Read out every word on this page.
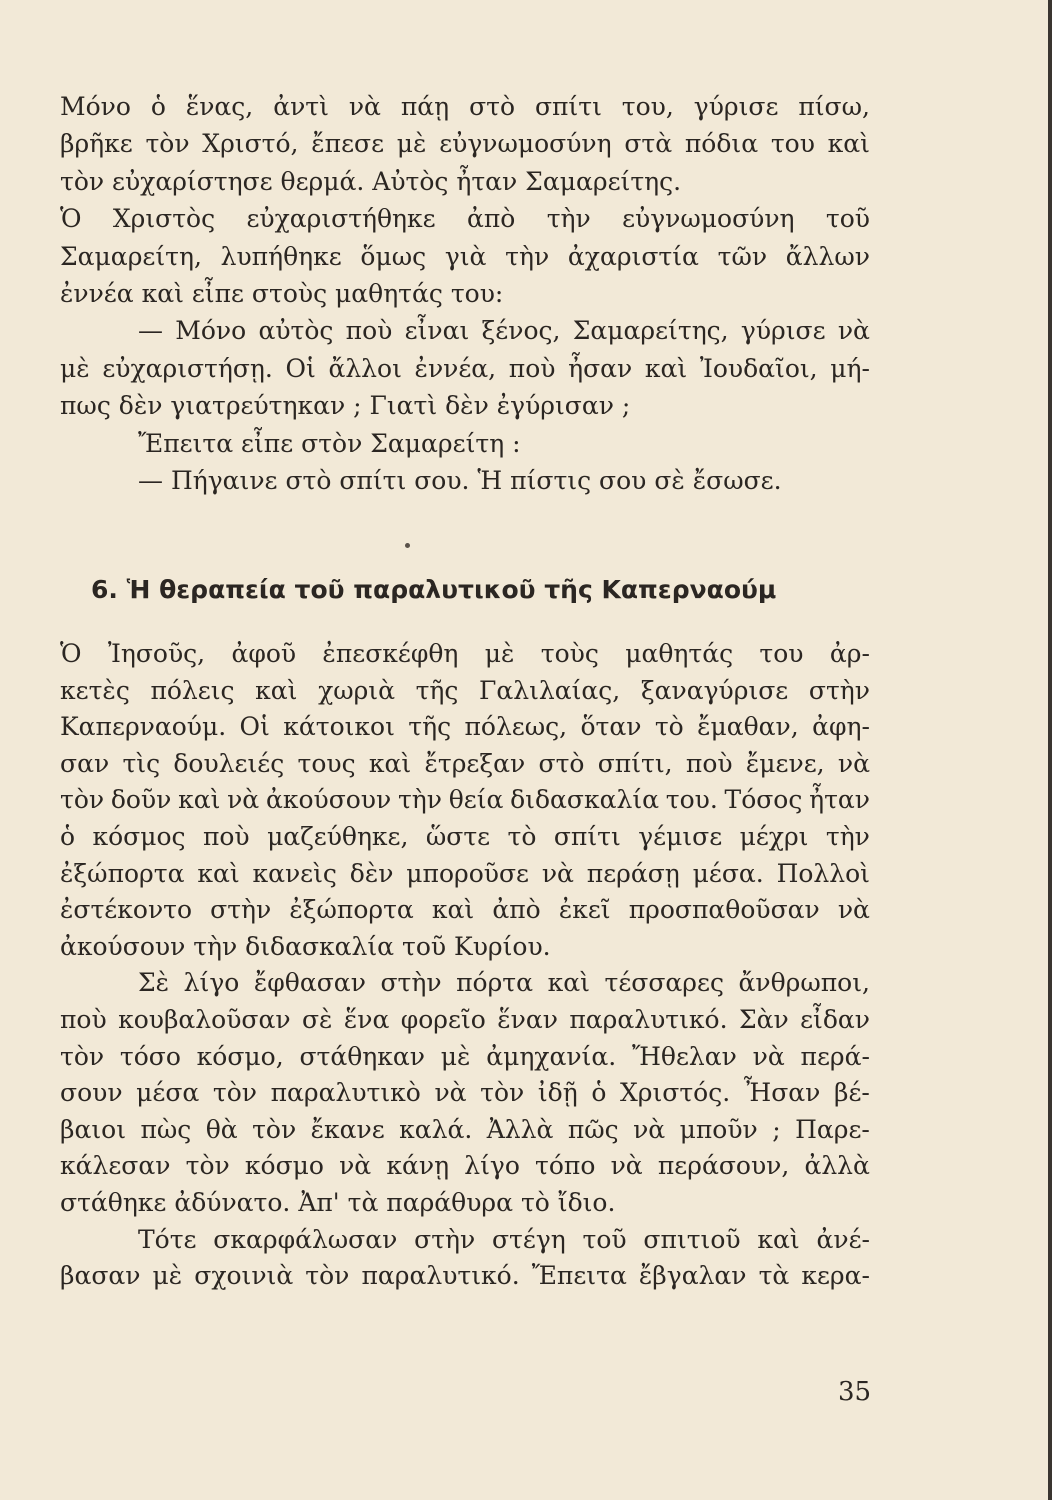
Μόνο ὁ ἕνας, ἀντὶ νὰ πάῃ στὸ σπίτι του, γύρισε πίσω,
βρῆκε τὸν Χριστό, ἔπεσε μὲ εὐγνωμοσύνη στὰ πόδια του καὶ
τὸν εὐχαρίστησε θερμά. Αὐτὸς ἦταν Σαμαρείτης.
Ὁ Χριστὸς εὐχαριστήθηκε ἀπὸ τὴν εὐγνωμοσύνη τοῦ
Σαμαρείτη, λυπήθηκε ὅμως γιὰ τὴν ἀχαριστία τῶν ἄλλων
ἐννέα καὶ εἶπε στοὺς μαθητάς του:
— Μόνο αὐτὸς ποὺ εἶναι ξένος, Σαμαρείτης, γύρισε νὰ
μὲ εὐχαριστήσῃ. Οἱ ἄλλοι ἐννέα, ποὺ ἦσαν καὶ Ἰουδαῖοι, μή-
πως δὲν γιατρεύτηκαν ; Γιατὶ δὲν ἐγύρισαν ;
Ἔπειτα εἶπε στὸν Σαμαρείτη :
— Πήγαινε στὸ σπίτι σου. Ἡ πίστις σου σὲ ἔσωσε.
6. Ἡ θεραπεία τοῦ παραλυτικοῦ τῆς Καπερναούμ
Ὁ Ἰησοῦς, ἀφοῦ ἐπεσκέφθη μὲ τοὺς μαθητάς του ἀρ-
κετὲς πόλεις καὶ χωριὰ τῆς Γαλιλαίας, ξαναγύρισε στὴν
Καπερναούμ. Οἱ κάτοικοι τῆς πόλεως, ὅταν τὸ ἔμαθαν, ἀφη-
σαν τὶς δουλειές τους καὶ ἔτρεξαν στὸ σπίτι, ποὺ ἔμενε, νὰ
τὸν δοῦν καὶ νὰ ἀκούσουν τὴν θεία διδασκαλία του. Τόσος ἦταν
ὁ κόσμος ποὺ μαζεύθηκε, ὥστε τὸ σπίτι γέμισε μέχρι τὴν
ἐξώπορτα καὶ κανεὶς δὲν μποροῦσε νὰ περάσῃ μέσα. Πολλοὶ
ἐστέκοντο στὴν ἐξώπορτα καὶ ἀπὸ ἐκεῖ προσπαθοῦσαν νὰ
ἀκούσουν τὴν διδασκαλία τοῦ Κυρίου.
Σὲ λίγο ἔφθασαν στὴν πόρτα καὶ τέσσαρες ἄνθρωποι,
ποὺ κουβαλοῦσαν σὲ ἕνα φορεῖο ἕναν παραλυτικό. Σὰν εἶδαν
τὸν τόσο κόσμο, στάθηκαν μὲ ἀμηχανία. Ἤθελαν νὰ περά-
σουν μέσα τὸν παραλυτικὸ νὰ τὸν ἰδῇ ὁ Χριστός. Ἦσαν βέ-
βαιοι πὼς θὰ τὸν ἔκανε καλά. Ἀλλὰ πῶς νὰ μποῦν ; Παρε-
κάλεσαν τὸν κόσμο νὰ κάνῃ λίγο τόπο νὰ περάσουν, ἀλλὰ
στάθηκε ἀδύνατο. Ἀπ' τὰ παράθυρα τὸ ἴδιο.
Τότε σκαρφάλωσαν στὴν στέγη τοῦ σπιτιοῦ καὶ ἀνέ-
βασαν μὲ σχοινιὰ τὸν παραλυτικό. Ἔπειτα ἔβγαλαν τὰ κερα-
35
